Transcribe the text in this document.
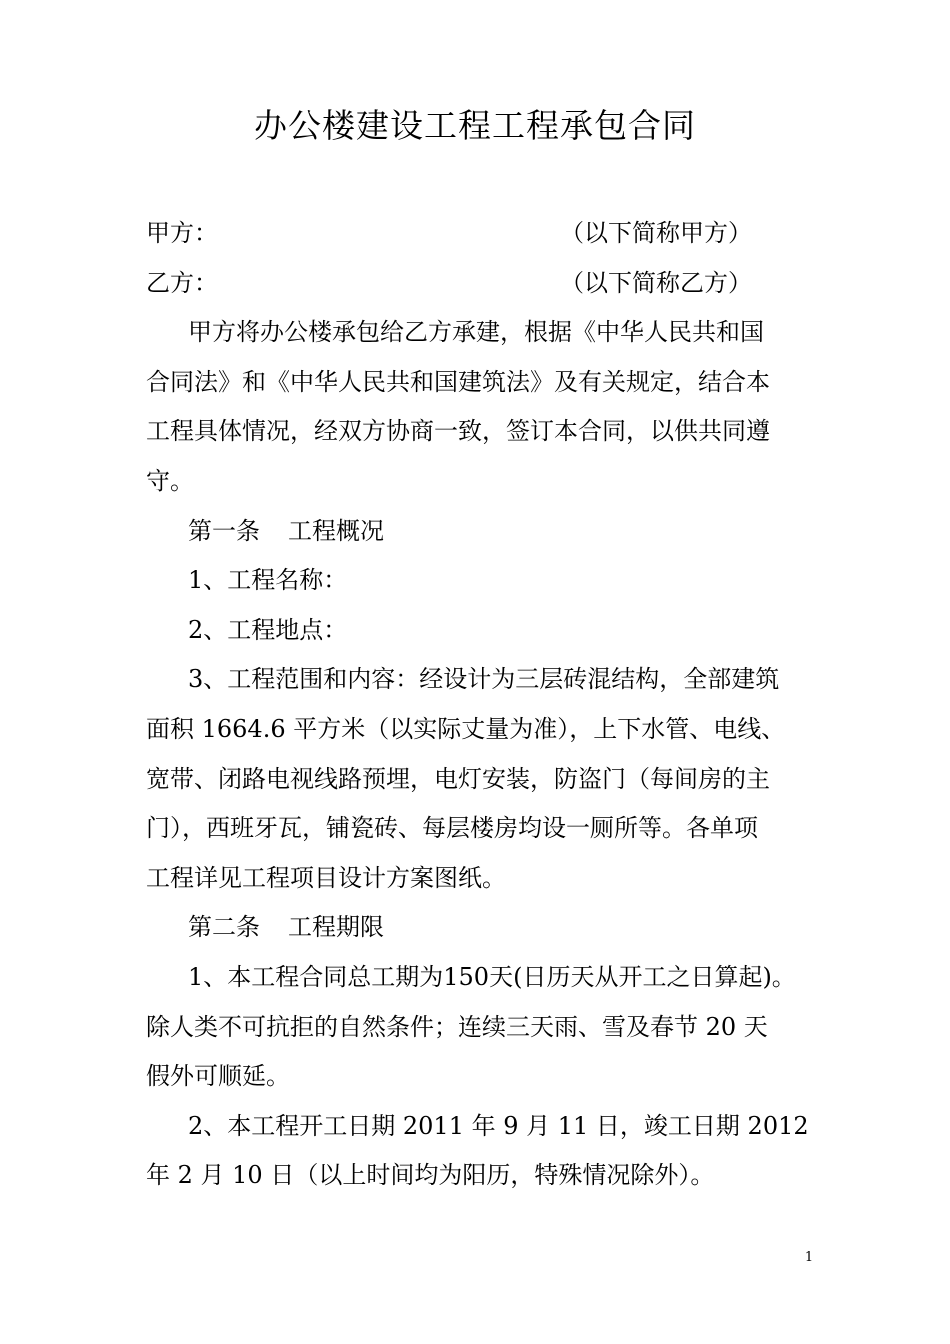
办公楼建设工程工程承包合同
甲方：	（以下简称甲方）
乙方：	（以下简称乙方）
甲方将办公楼承包给乙方承建，根据《中华人民共和国
合同法》和《中华人民共和国建筑法》及有关规定，结合本
工程具体情况，经双方协商一致，签订本合同，以供共同遵
守。
第一条 工程概况
1、工程名称：
2、工程地点：
3、工程范围和内容：经设计为三层砖混结构，全部建筑
面积 1664.6 平方米（以实际丈量为准），上下水管、电线、
宽带、闭路电视线路预埋，电灯安装，防盗门（每间房的主
门），西班牙瓦，铺瓷砖、每层楼房均设一厕所等。各单项
工程详见工程项目设计方案图纸。
第二条 工程期限
1、本工程合同总工期为150天(日历天从开工之日算起)。
除人类不可抗拒的自然条件；连续三天雨、雪及春节 20 天
假外可顺延。
2、本工程开工日期 2011 年 9 月 11 日，竣工日期 2012
年 2 月 10 日（以上时间均为阳历，特殊情况除外）。
1
